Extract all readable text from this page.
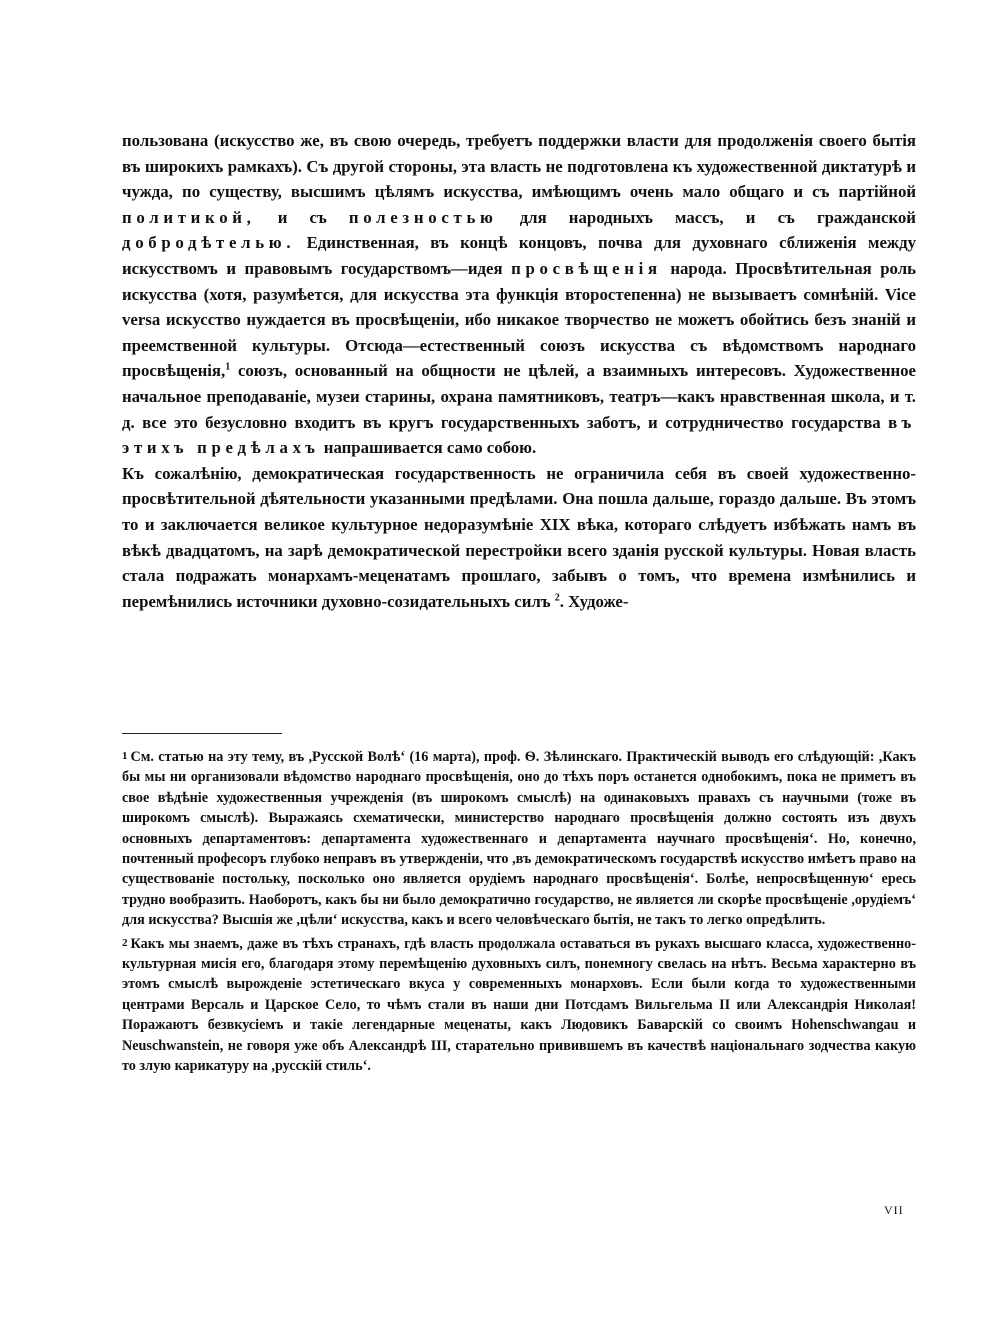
пользована (искусство же, въ свою очередь, требуетъ поддержки власти для продолженія своего бытія въ широкихъ рамкахъ). Съ другой стороны, эта власть не подготовлена къ художественной диктатурѣ и чужда, по существу, высшимъ цѣлямъ искусства, имѣющимъ очень мало общаго и съ партійной политикой, и съ полезностью для народныхъ массъ, и съ гражданской добродѣтелью. Единственная, въ концѣ концовъ, почва для духовнаго сближенія между искусствомъ и правовымъ государствомъ—идея просвѣщенія народа. Просвѣтительная роль искусства (хотя, разумѣется, для искусства эта функція второстепенна) не вызываетъ сомнѣній. Vice versa искусство нуждается въ просвѣщеніи, ибо никакое творчество не можетъ обойтись безъ знаній и преемственной культуры. Отсюда—естественный союзъ искусства съ вѣдомствомъ народнаго просвѣщенія,$^1$ союзъ, основанный на общности не цѣлей, а взаимныхъ интересовъ. Художественное начальное преподаваніе, музеи старины, охрана памятниковъ, театръ—какъ нравственная школа, и т. д. все это безусловно входитъ въ кругъ государственныхъ заботъ, и сотрудничество государства въ этихъ предѣлахъ напрашивается само собою.

Къ сожалѣнію, демократическая государственность не ограничила себя въ своей художественно-просвѣтительной дѣятельности указанными предѣлами. Она пошла дальше, гораздо дальше. Въ этомъ то и заключается великое культурное недоразумѣніе XIX вѣка, котораго слѣдуетъ избѣжать намъ въ вѣкѣ двадцатомъ, на зарѣ демократической перестройки всего зданія русской культуры. Новая власть стала подражать монархамъ-меценатамъ прошлаго, забывъ о томъ, что времена измѣнились и перемѣнились источники духовно-созидательныхъ силъ $^2$. Художе-

1 См. статью на эту тему, въ ,Русской Волѣ‘ (16 марта), проф. Ѳ. Зѣлинскаго. Практическій выводъ его слѣдующій: ,Какъ бы мы ни организовали вѣдомство народнаго просвѣщенія, оно до тѣхъ поръ останется однобокимъ, пока не приметъ въ свое вѣдѣніе художественныя учрежденія (въ широкомъ смыслѣ) на одинаковыхъ правахъ съ научными (тоже въ широкомъ смыслѣ). Выражаясь схематически, министерство народнаго просвѣщенія должно состоять изъ двухъ основныхъ департаментовъ: департамента художественнаго и департамента научнаго просвѣщенія‘. Но, конечно, почтенный професоръ глубоко неправъ въ утвержденіи, что ,въ демократическомъ государствѣ искусство имѣетъ право на существованіе постольку, посколько оно является орудіемъ народнаго просвѣщенія‘. Болѣе, непросвѣщенную‘ ересь трудно вообразить. Наоборотъ, какъ бы ни было демократично государство, не является ли скорѣе просвѣщеніе ,орудіемъ‘ для искусства? Высшія же ,цѣли‘ искусства, какъ и всего человѣческаго бытія, не такъ то легко опредѣлить.

2 Какъ мы знаемъ, даже въ тѣхъ странахъ, гдѣ власть продолжала оставаться въ рукахъ высшаго класса, художественно-культурная мисія его, благодаря этому перемѣщенію духовныхъ силъ, понемногу свелась на нѣтъ. Весьма характерно въ этомъ смыслѣ вырожденіе эстетическаго вкуса у современныхъ монарховъ. Если были когда то художественными центрами Версаль и Царское Село, то чѣмъ стали въ наши дни Потсдамъ Вильгельма II или Александрія Николая! Поражаютъ безвкусіемъ и такіе легендарные меценаты, какъ Людовикъ Баварскій со своимъ Hohenschwangau и Neuschwanstein, не говоря уже объ Александрѣ III, старательно привившемъ въ качествѣ національнаго зодчества какую то злую карикатуру на ,русскій стиль‘.

VII
